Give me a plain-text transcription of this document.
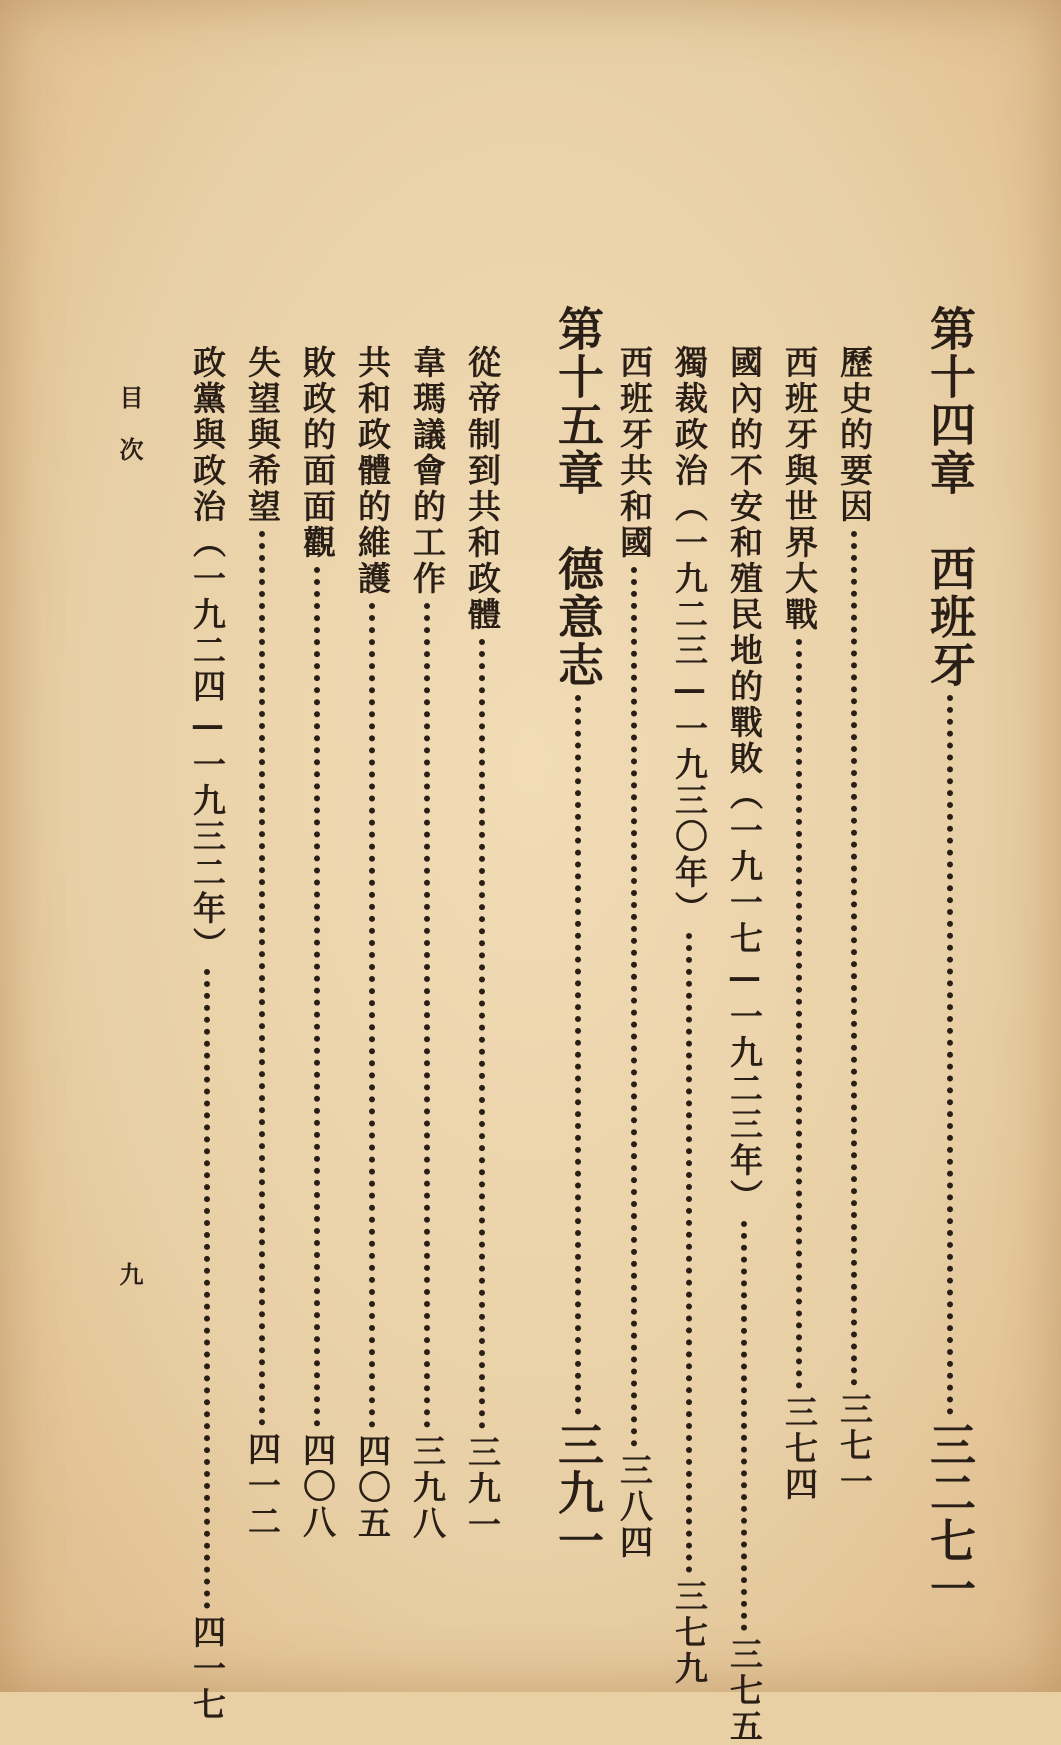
第十四章　西班牙三二七一
歷史的要因三七一
西班牙與世界大戰三七四
國內的不安和殖民地的戰敗（一九一七—一九二三年）三七五
獨裁政治（一九二三—一九三〇年）三七九
西班牙共和國三八四
第十五章　德意志三九一
從帝制到共和政體三九一
韋瑪議會的工作三九八
共和政體的維護四〇五
敗政的面面觀四〇八
失望與希望四一二
政黨與政治（一九二四—一九三二年）四一七
目次
九
